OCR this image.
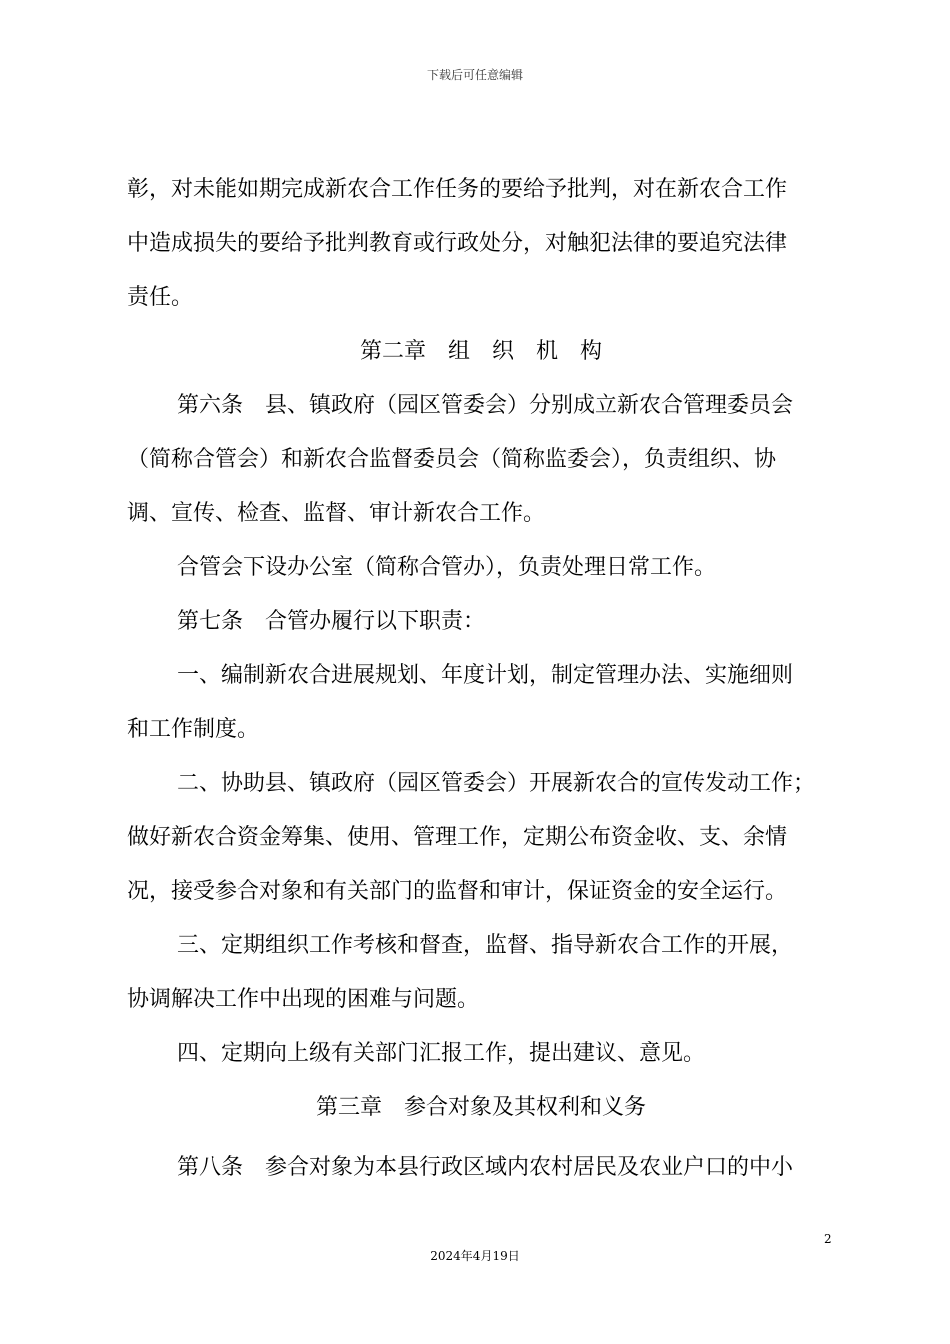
下载后可任意编辑
彰，对未能如期完成新农合工作任务的要给予批判，对在新农合工作
中造成损失的要给予批判教育或行政处分，对触犯法律的要追究法律
责任。
第二章　组　织　机　构
第六条　县、镇政府（园区管委会）分别成立新农合管理委员会
（简称合管会）和新农合监督委员会（简称监委会），负责组织、协
调、宣传、检查、监督、审计新农合工作。
合管会下设办公室（简称合管办），负责处理日常工作。
第七条　合管办履行以下职责：
一、编制新农合进展规划、年度计划，制定管理办法、实施细则
和工作制度。
二、协助县、镇政府（园区管委会）开展新农合的宣传发动工作；
做好新农合资金筹集、使用、管理工作，定期公布资金收、支、余情
况，接受参合对象和有关部门的监督和审计，保证资金的安全运行。
三、定期组织工作考核和督查，监督、指导新农合工作的开展，
协调解决工作中出现的困难与问题。
四、定期向上级有关部门汇报工作，提出建议、意见。
第三章　参合对象及其权利和义务
第八条　参合对象为本县行政区域内农村居民及农业户口的中小
2
2024年4月19日
